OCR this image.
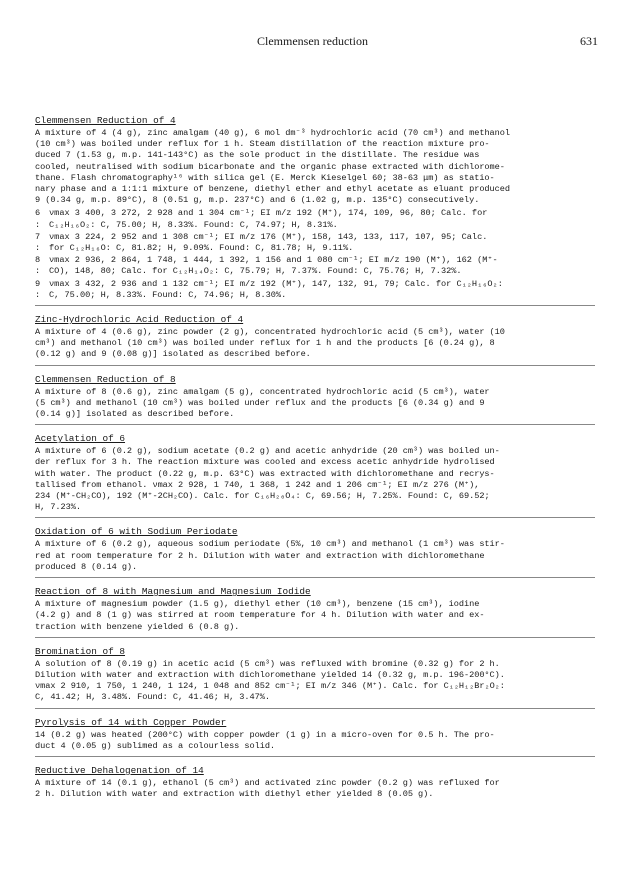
Clemmensen reduction	631
Clemmensen Reduction of 4

A mixture of 4 (4 g), zinc amalgam (40 g), 6 mol dm⁻³ hydrochloric acid (70 cm³) and methanol
(10 cm³) was boiled under reflux for 1 h. Steam distillation of the reaction mixture pro-
duced 7 (1.53 g, m.p. 141-143°C) as the sole product in the distillate. The residue was
cooled, neutralised with sodium bicarbonate and the organic phase extracted with dichlorome-
thane. Flash chromatography¹⁶ with silica gel (E. Merck Kieselgel 60; 38-63 μm) as statio-
nary phase and a 1:1:1 mixture of benzene, diethyl ether and ethyl acetate as eluant produced
9 (0.34 g, m.p. 89°C), 8 (0.51 g, m.p. 237°C) and 6 (1.02 g, m.p. 135°C) consecutively.

6 :
νmax 3 400, 3 272, 2 928 and 1 304 cm⁻¹; EI m/z 192 (M⁺), 174, 109, 96, 80; Calc. for
C₁₂H₁₆O₂: C, 75.00; H, 8.33%. Found: C, 74.97; H, 8.31%.
7 :
νmax 3 224, 2 952 and 1 308 cm⁻¹; EI m/z 176 (M⁺), 158, 143, 133, 117, 107, 95; Calc.
for C₁₂H₁₆O: C, 81.82; H, 9.09%. Found: C, 81.78; H, 9.11%.
8 :
νmax 2 936, 2 864, 1 748, 1 444, 1 392, 1 156 and 1 080 cm⁻¹; EI m/z 190 (M⁺), 162 (M⁺-
CO), 148, 80; Calc. for C₁₂H₁₄O₂: C, 75.79; H, 7.37%. Found: C, 75.76; H, 7.32%.
9 :
νmax 3 432, 2 936 and 1 132 cm⁻¹; EI m/z 192 (M⁺), 147, 132, 91, 79; Calc. for C₁₂H₁₆O₂:
C, 75.00; H, 8.33%. Found: C, 74.96; H, 8.30%.
Zinc-Hydrochloric Acid Reduction of 4

A mixture of 4 (0.6 g), zinc powder (2 g), concentrated hydrochloric acid (5 cm³), water (10
cm³) and methanol (10 cm³) was boiled under reflux for 1 h and the products [6 (0.24 g), 8
(0.12 g) and 9 (0.08 g)] isolated as described before.

Clemmensen Reduction of 8

A mixture of 8 (0.6 g), zinc amalgam (5 g), concentrated hydrochloric acid (5 cm³), water
(5 cm³) and methanol (10 cm³) was boiled under reflux and the products [6 (0.34 g) and 9
(0.14 g)] isolated as described before.

Acetylation of 6

A mixture of 6 (0.2 g), sodium acetate (0.2 g) and acetic anhydride (20 cm³) was boiled un-
der reflux for 3 h. The reaction mixture was cooled and excess acetic anhydride hydrolised
with water. The product (0.22 g, m.p. 63°C) was extracted with dichloromethane and recrys-
tallised from ethanol. νmax 2 928, 1 740, 1 368, 1 242 and 1 206 cm⁻¹; EI m/z 276 (M⁺),
234 (M⁺-CH₂CO), 192 (M⁺-2CH₂CO). Calc. for C₁₆H₂₀O₄: C, 69.56; H, 7.25%. Found: C, 69.52;
H, 7.23%.

Oxidation of 6 with Sodium Periodate

A mixture of 6 (0.2 g), aqueous sodium periodate (5%, 10 cm³) and methanol (1 cm³) was stir-
red at room temperature for 2 h. Dilution with water and extraction with dichloromethane
produced 8 (0.14 g).

Reaction of 8 with Magnesium and Magnesium Iodide

A mixture of magnesium powder (1.5 g), diethyl ether (10 cm³), benzene (15 cm³), iodine
(4.2 g) and 8 (1 g) was stirred at room temperature for 4 h. Dilution with water and ex-
traction with benzene yielded 6 (0.8 g).

Bromination of 8

A solution of 8 (0.19 g) in acetic acid (5 cm³) was refluxed with bromine (0.32 g) for 2 h.
Dilution with water and extraction with dichloromethane yielded 14 (0.32 g, m.p. 196-200°C).
νmax 2 910, 1 750, 1 240, 1 124, 1 048 and 852 cm⁻¹; EI m/z 346 (M⁺). Calc. for C₁₂H₁₂Br₂O₂:
C, 41.42; H, 3.48%. Found: C, 41.46; H, 3.47%.

Pyrolysis of 14 with Copper Powder

14 (0.2 g) was heated (200°C) with copper powder (1 g) in a micro-oven for 0.5 h. The pro-
duct 4 (0.05 g) sublimed as a colourless solid.

Reductive Dehalogenation of 14

A mixture of 14 (0.1 g), ethanol (5 cm³) and activated zinc powder (0.2 g) was refluxed for
2 h. Dilution with water and extraction with diethyl ether yielded 8 (0.05 g).
